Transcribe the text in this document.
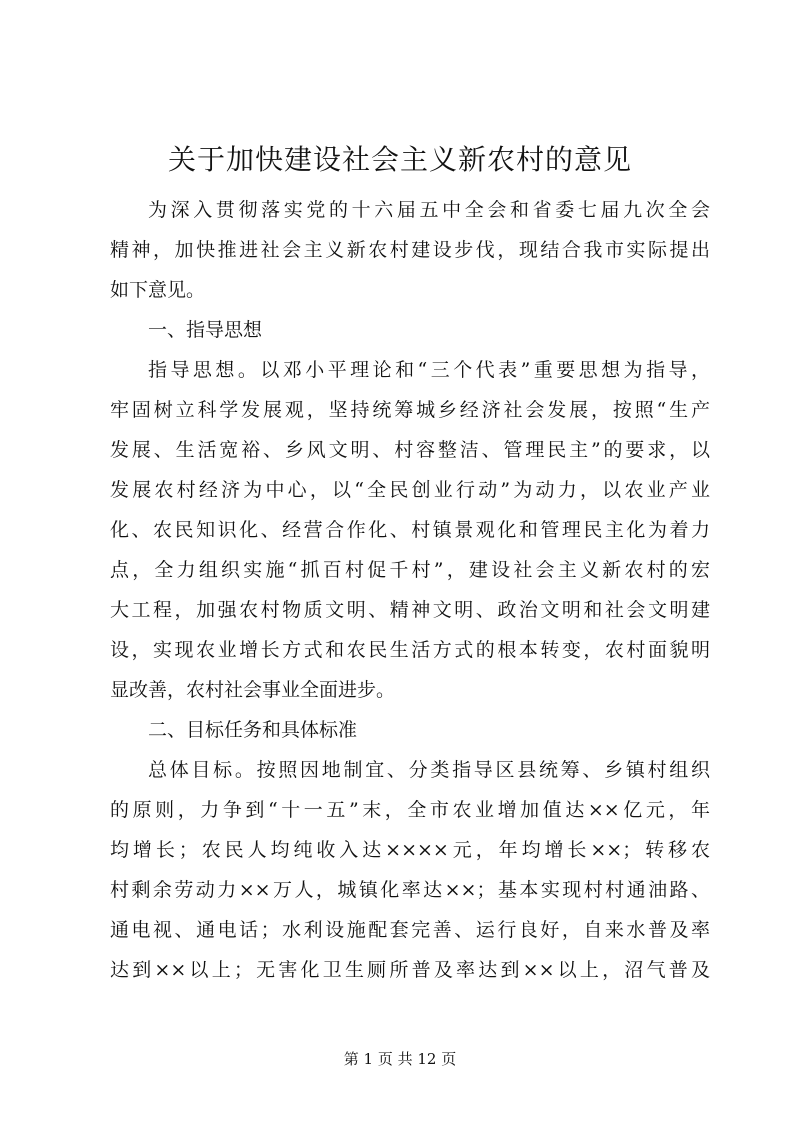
关于加快建设社会主义新农村的意见
为深入贯彻落实党的十六届五中全会和省委七届九次全会
精神，加快推进社会主义新农村建设步伐，现结合我市实际提出
如下意见。
一、指导思想
指导思想。以邓小平理论和“三个代表”重要思想为指导，
牢固树立科学发展观，坚持统筹城乡经济社会发展，按照“生产
发展、生活宽裕、乡风文明、村容整洁、管理民主”的要求，以
发展农村经济为中心，以“全民创业行动”为动力，以农业产业
化、农民知识化、经营合作化、村镇景观化和管理民主化为着力
点，全力组织实施“抓百村促千村”，建设社会主义新农村的宏
大工程，加强农村物质文明、精神文明、政治文明和社会文明建
设，实现农业增长方式和农民生活方式的根本转变，农村面貌明
显改善，农村社会事业全面进步。
二、目标任务和具体标准
总体目标。按照因地制宜、分类指导区县统筹、乡镇村组织
的原则，力争到“十一五”末，全市农业增加值达××亿元，年
均增长；农民人均纯收入达××××元，年均增长××；转移农
村剩余劳动力××万人，城镇化率达××；基本实现村村通油路、
通电视、通电话；水利设施配套完善、运行良好，自来水普及率
达到××以上；无害化卫生厕所普及率达到××以上，沼气普及
第 1 页 共 12 页
